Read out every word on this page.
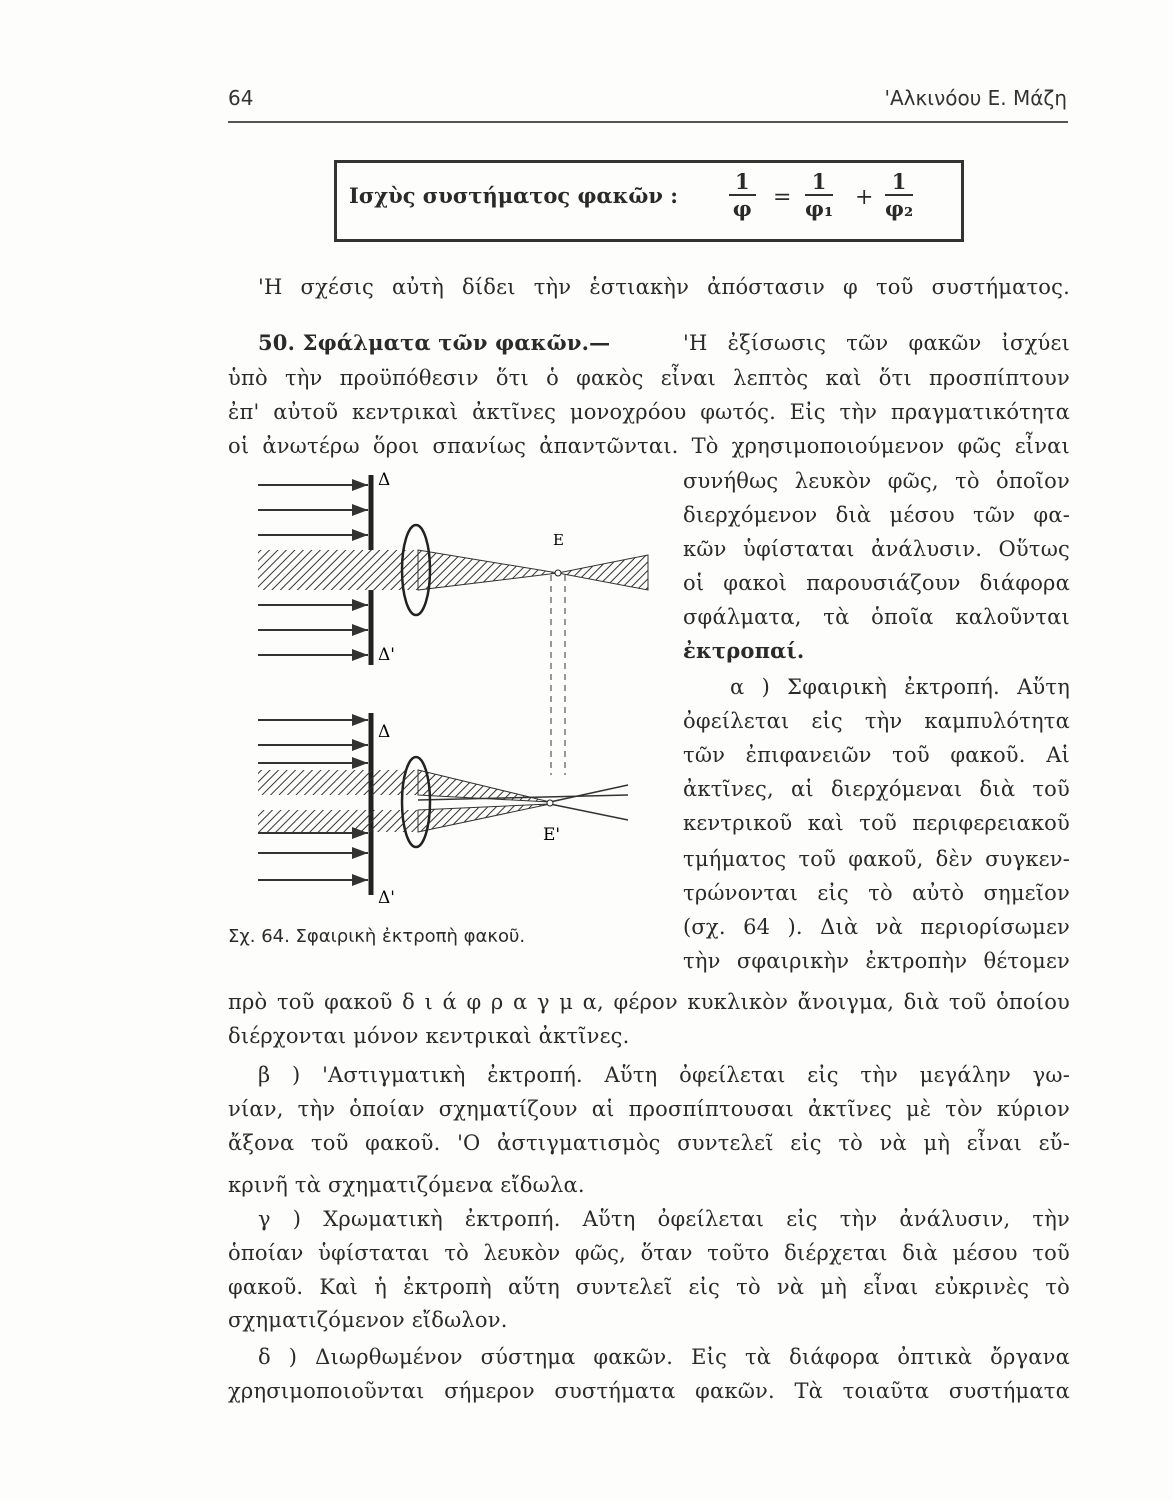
64	'Αλκινόου Ε. Μάζη
Ισχὺς συστήματος φακῶν : $\frac{1}{\varphi} = \frac{1}{\text{φ₁}} + \frac{1}{\text{φ₂}}$
'Η σχέσις αὐτὴ δίδει τὴν ἑστιακὴν ἀπόστασιν φ τοῦ συστήματος.
50. Σφάλματα τῶν φακῶν.—	'Η ἐξίσωσις τῶν φακῶν ἰσχύει
ὑπὸ τὴν προϋπόθεσιν ὅτι ὁ φακὸς εἶναι λεπτὸς καὶ ὅτι προσπίπτουν
ἐπ' αὐτοῦ κεντρικαὶ ἀκτῖνες μονοχρόου φωτός. Εἰς τὴν πραγματικότητα
οἱ ἀνωτέρω ὅροι σπανίως ἀπαντῶνται. Τὸ χρησιμοποιούμενον φῶς εἶναι
συνήθως λευκὸν φῶς, τὸ ὁποῖον
διερχόμενον διὰ μέσου τῶν φα-
κῶν ὑφίσταται ἀνάλυσιν. Οὕτως
οἱ φακοὶ παρουσιάζουν διάφορα
σφάλματα, τὰ ὁποῖα καλοῦνται
ἐκτροπαί.
α ) Σφαιρικὴ ἐκτροπή. Αὕτη
ὀφείλεται εἰς τὴν καμπυλότητα
τῶν ἐπιφανειῶν τοῦ φακοῦ. Αἱ
ἀκτῖνες, αἱ διερχόμεναι διὰ τοῦ
κεντρικοῦ καὶ τοῦ περιφερειακοῦ
τμήματος τοῦ φακοῦ, δὲν συγκεν-
τρώνονται εἰς τὸ αὐτὸ σημεῖον
(σχ. 64 ). Διὰ νὰ περιορίσωμεν
τὴν σφαιρικὴν ἐκτροπὴν θέτομεν
πρὸ τοῦ φακοῦ δ ι ά φ ρ α γ μ α, φέρον κυκλικὸν ἄνοιγμα, διὰ τοῦ ὁποίου
διέρχονται μόνον κεντρικαὶ ἀκτῖνες.
β ) 'Αστιγματικὴ ἐκτροπή. Αὕτη ὀφείλεται εἰς τὴν μεγάλην γω-
νίαν, τὴν ὁποίαν σχηματίζουν αἱ προσπίπτουσαι ἀκτῖνες μὲ τὸν κύριον
ἄξονα τοῦ φακοῦ. 'Ο ἀστιγματισμὸς συντελεῖ εἰς τὸ νὰ μὴ εἶναι εὔ-
κρινῆ τὰ σχηματιζόμενα εἴδωλα.
γ ) Χρωματικὴ ἐκτροπή. Αὕτη ὀφείλεται εἰς τὴν ἀνάλυσιν, τὴν
ὁποίαν ὑφίσταται τὸ λευκὸν φῶς, ὅταν τοῦτο διέρχεται διὰ μέσου τοῦ
φακοῦ. Καὶ ἡ ἐκτροπὴ αὕτη συντελεῖ εἰς τὸ νὰ μὴ εἶναι εὐκρινὲς τὸ
σχηματιζόμενον εἴδωλον.
δ ) Διωρθωμένον σύστημα φακῶν. Εἰς τὰ διάφορα ὀπτικὰ ὄργανα
χρησιμοποιοῦνται σήμερον συστήματα φακῶν. Τὰ τοιαῦτα συστήματα
Δ
Δ'
Ε
Δ
Δ'
Ε'
Σχ. 64. Σφαιρικὴ ἐκτροπὴ φακοῦ.
